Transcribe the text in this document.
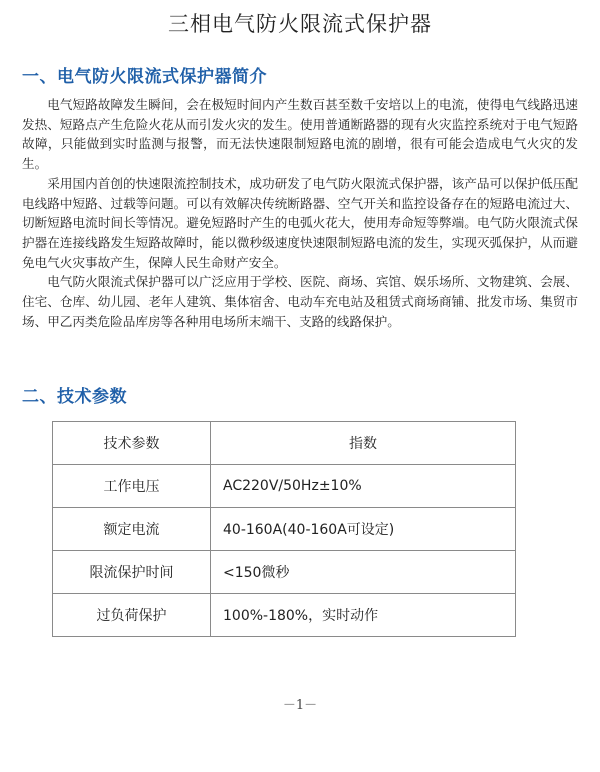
三相电气防火限流式保护器
一、电气防火限流式保护器简介

电气短路故障发生瞬间，会在极短时间内产生数百甚至数千安培以上的电流，使得电气线路迅速发热、短路点产生危险火花从而引发火灾的发生。使用普通断路器的现有火灾监控系统对于电气短路故障，只能做到实时监测与报警，而无法快速限制短路电流的剧增，很有可能会造成电气火灾的发生。

采用国内首创的快速限流控制技术，成功研发了电气防火限流式保护器，该产品可以保护低压配电线路中短路、过载等问题。可以有效解决传统断路器、空气开关和监控设备存在的短路电流过大、切断短路电流时间长等情况。避免短路时产生的电弧火花大，使用寿命短等弊端。电气防火限流式保护器在连接线路发生短路故障时，能以微秒级速度快速限制短路电流的发生，实现灭弧保护，从而避免电气火灾事故产生，保障人民生命财产安全。

电气防火限流式保护器可以广泛应用于学校、医院、商场、宾馆、娱乐场所、文物建筑、会展、住宅、仓库、幼儿园、老年人建筑、集体宿舍、电动车充电站及租赁式商场商铺、批发市场、集贸市场、甲乙丙类危险品库房等各种用电场所末端干、支路的线路保护。

二、技术参数
技术参数	指数
工作电压	AC220V/50Hz±10%
额定电流	40-160A(40-160A可设定)
限流保护时间	<150微秒
过负荷保护	100%-180%，实时动作
－1－
